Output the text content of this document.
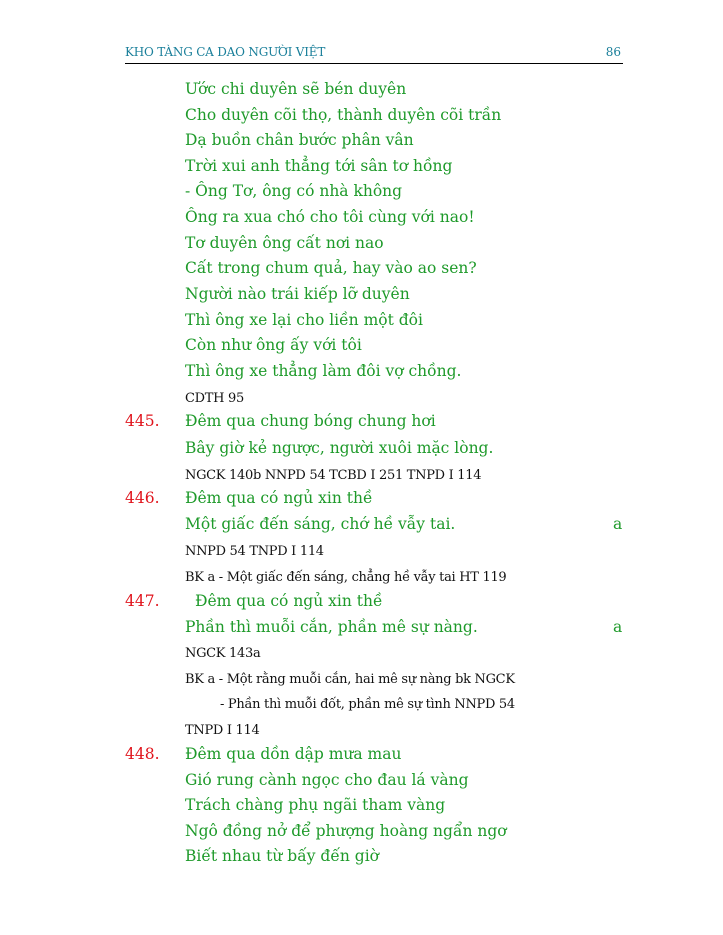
KHO TÀNG CA DAO NGƯỜI VIỆT	86
Ước chi duyên sẽ bén duyên
Cho duyên cõi thọ, thành duyên cõi trần
Dạ buồn chân bước phân vân
Trời xui anh thẳng tới sân tơ hồng
- Ông Tơ, ông có nhà không
Ông ra xua chó cho tôi cùng với nao!
Tơ duyên ông cất nơi nao
Cất trong chum quả, hay vào ao sen?
Người nào trái kiếp lỡ duyên
Thì ông xe lại cho liền một đôi
Còn như ông ấy với tôi
Thì ông xe thẳng làm đôi vợ chồng.
CDTH 95
Đêm qua chung bóng chung hơi
445.
Bây giờ kẻ ngược, người xuôi mặc lòng.
NGCK 140b NNPD 54 TCBD I 251 TNPD I 114
Đêm qua có ngủ xin thề
446.
Một giấc đến sáng, chớ hề vẫy tai.	a
NNPD 54 TNPD I 114
BK a - Một giấc đến sáng, chẳng hề vẫy tai HT 119
Đêm qua có ngủ xin thề
447.
Phần thì muỗi cắn, phần mê sự nàng.	a
NGCK 143a
BK a - Một rằng muỗi cắn, hai mê sự nàng bk NGCK
- Phần thì muỗi đốt, phần mê sự tình NNPD 54
TNPD I 114
Đêm qua dồn dập mưa mau
448.
Gió rung cành ngọc cho đau lá vàng
Trách chàng phụ ngãi tham vàng
Ngô đồng nở để phượng hoàng ngẩn ngơ
Biết nhau từ bấy đến giờ
